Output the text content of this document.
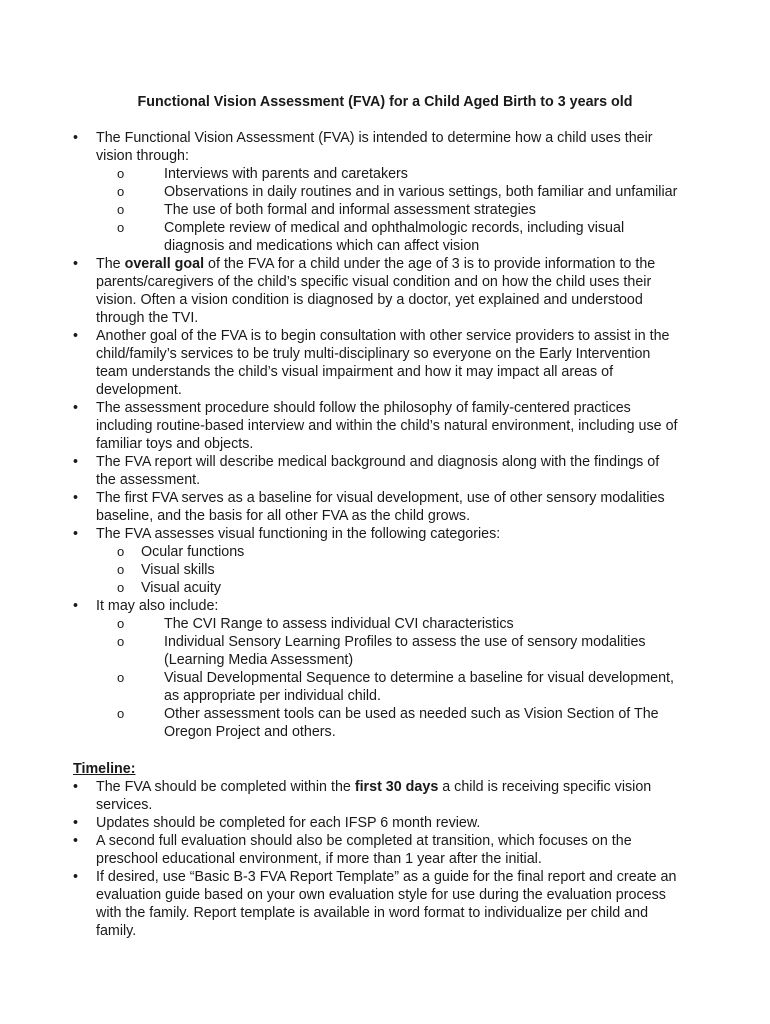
Functional Vision Assessment (FVA) for a Child Aged Birth to 3 years old
• The Functional Vision Assessment (FVA) is intended to determine how a child uses their vision through:
o Interviews with parents and caretakers
o Observations in daily routines and in various settings, both familiar and unfamiliar
o The use of both formal and informal assessment strategies
o Complete review of medical and ophthalmologic records, including visual diagnosis and medications which can affect vision
• The overall goal of the FVA for a child under the age of 3 is to provide information to the parents/caregivers of the child’s specific visual condition and on how the child uses their vision. Often a vision condition is diagnosed by a doctor, yet explained and understood through the TVI.
• Another goal of the FVA is to begin consultation with other service providers to assist in the child/family’s services to be truly multi-disciplinary so everyone on the Early Intervention team understands the child’s visual impairment and how it may impact all areas of development.
• The assessment procedure should follow the philosophy of family-centered practices including routine-based interview and within the child’s natural environment, including use of familiar toys and objects.
• The FVA report will describe medical background and diagnosis along with the findings of the assessment.
• The first FVA serves as a baseline for visual development, use of other sensory modalities baseline, and the basis for all other FVA as the child grows.
• The FVA assesses visual functioning in the following categories:
o Ocular functions
o Visual skills
o Visual acuity
• It may also include:
o The CVI Range to assess individual CVI characteristics
o Individual Sensory Learning Profiles to assess the use of sensory modalities (Learning Media Assessment)
o Visual Developmental Sequence to determine a baseline for visual development, as appropriate per individual child.
o Other assessment tools can be used as needed such as Vision Section of The Oregon Project and others.
Timeline:
• The FVA should be completed within the first 30 days a child is receiving specific vision services.
• Updates should be completed for each IFSP 6 month review.
• A second full evaluation should also be completed at transition, which focuses on the preschool educational environment, if more than 1 year after the initial.
• If desired, use “Basic B-3 FVA Report Template” as a guide for the final report and create an evaluation guide based on your own evaluation style for use during the evaluation process with the family. Report template is available in word format to individualize per child and family.
